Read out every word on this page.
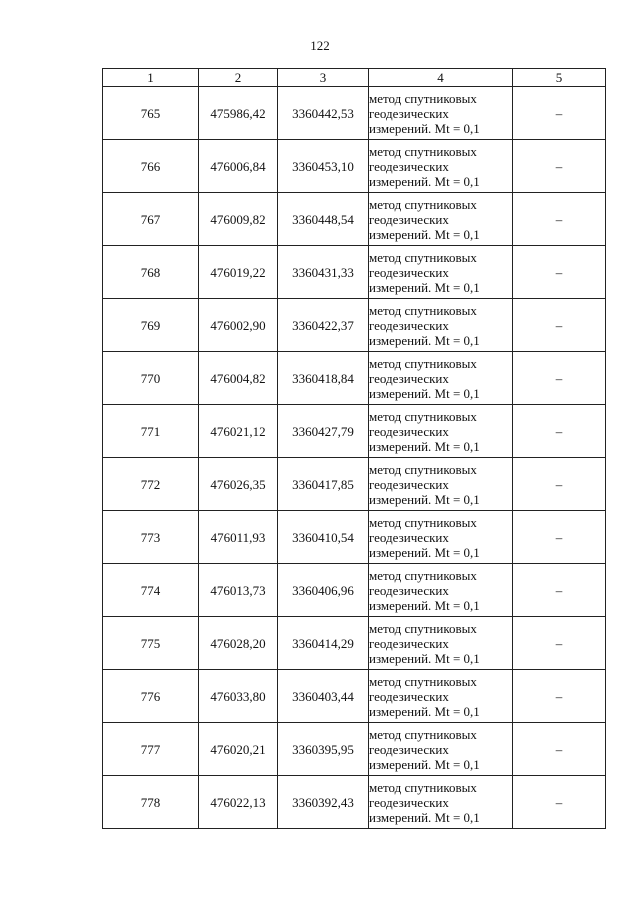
122
1	2	3	4	5
765	475986,42	3360442,53	метод спутниковых
геодезических
измерений. Mt = 0,1	–
766	476006,84	3360453,10	метод спутниковых
геодезических
измерений. Mt = 0,1	–
767	476009,82	3360448,54	метод спутниковых
геодезических
измерений. Mt = 0,1	–
768	476019,22	3360431,33	метод спутниковых
геодезических
измерений. Mt = 0,1	–
769	476002,90	3360422,37	метод спутниковых
геодезических
измерений. Mt = 0,1	–
770	476004,82	3360418,84	метод спутниковых
геодезических
измерений. Mt = 0,1	–
771	476021,12	3360427,79	метод спутниковых
геодезических
измерений. Mt = 0,1	–
772	476026,35	3360417,85	метод спутниковых
геодезических
измерений. Mt = 0,1	–
773	476011,93	3360410,54	метод спутниковых
геодезических
измерений. Mt = 0,1	–
774	476013,73	3360406,96	метод спутниковых
геодезических
измерений. Mt = 0,1	–
775	476028,20	3360414,29	метод спутниковых
геодезических
измерений. Mt = 0,1	–
776	476033,80	3360403,44	метод спутниковых
геодезических
измерений. Mt = 0,1	–
777	476020,21	3360395,95	метод спутниковых
геодезических
измерений. Mt = 0,1	–
778	476022,13	3360392,43	метод спутниковых
геодезических
измерений. Mt = 0,1	–
